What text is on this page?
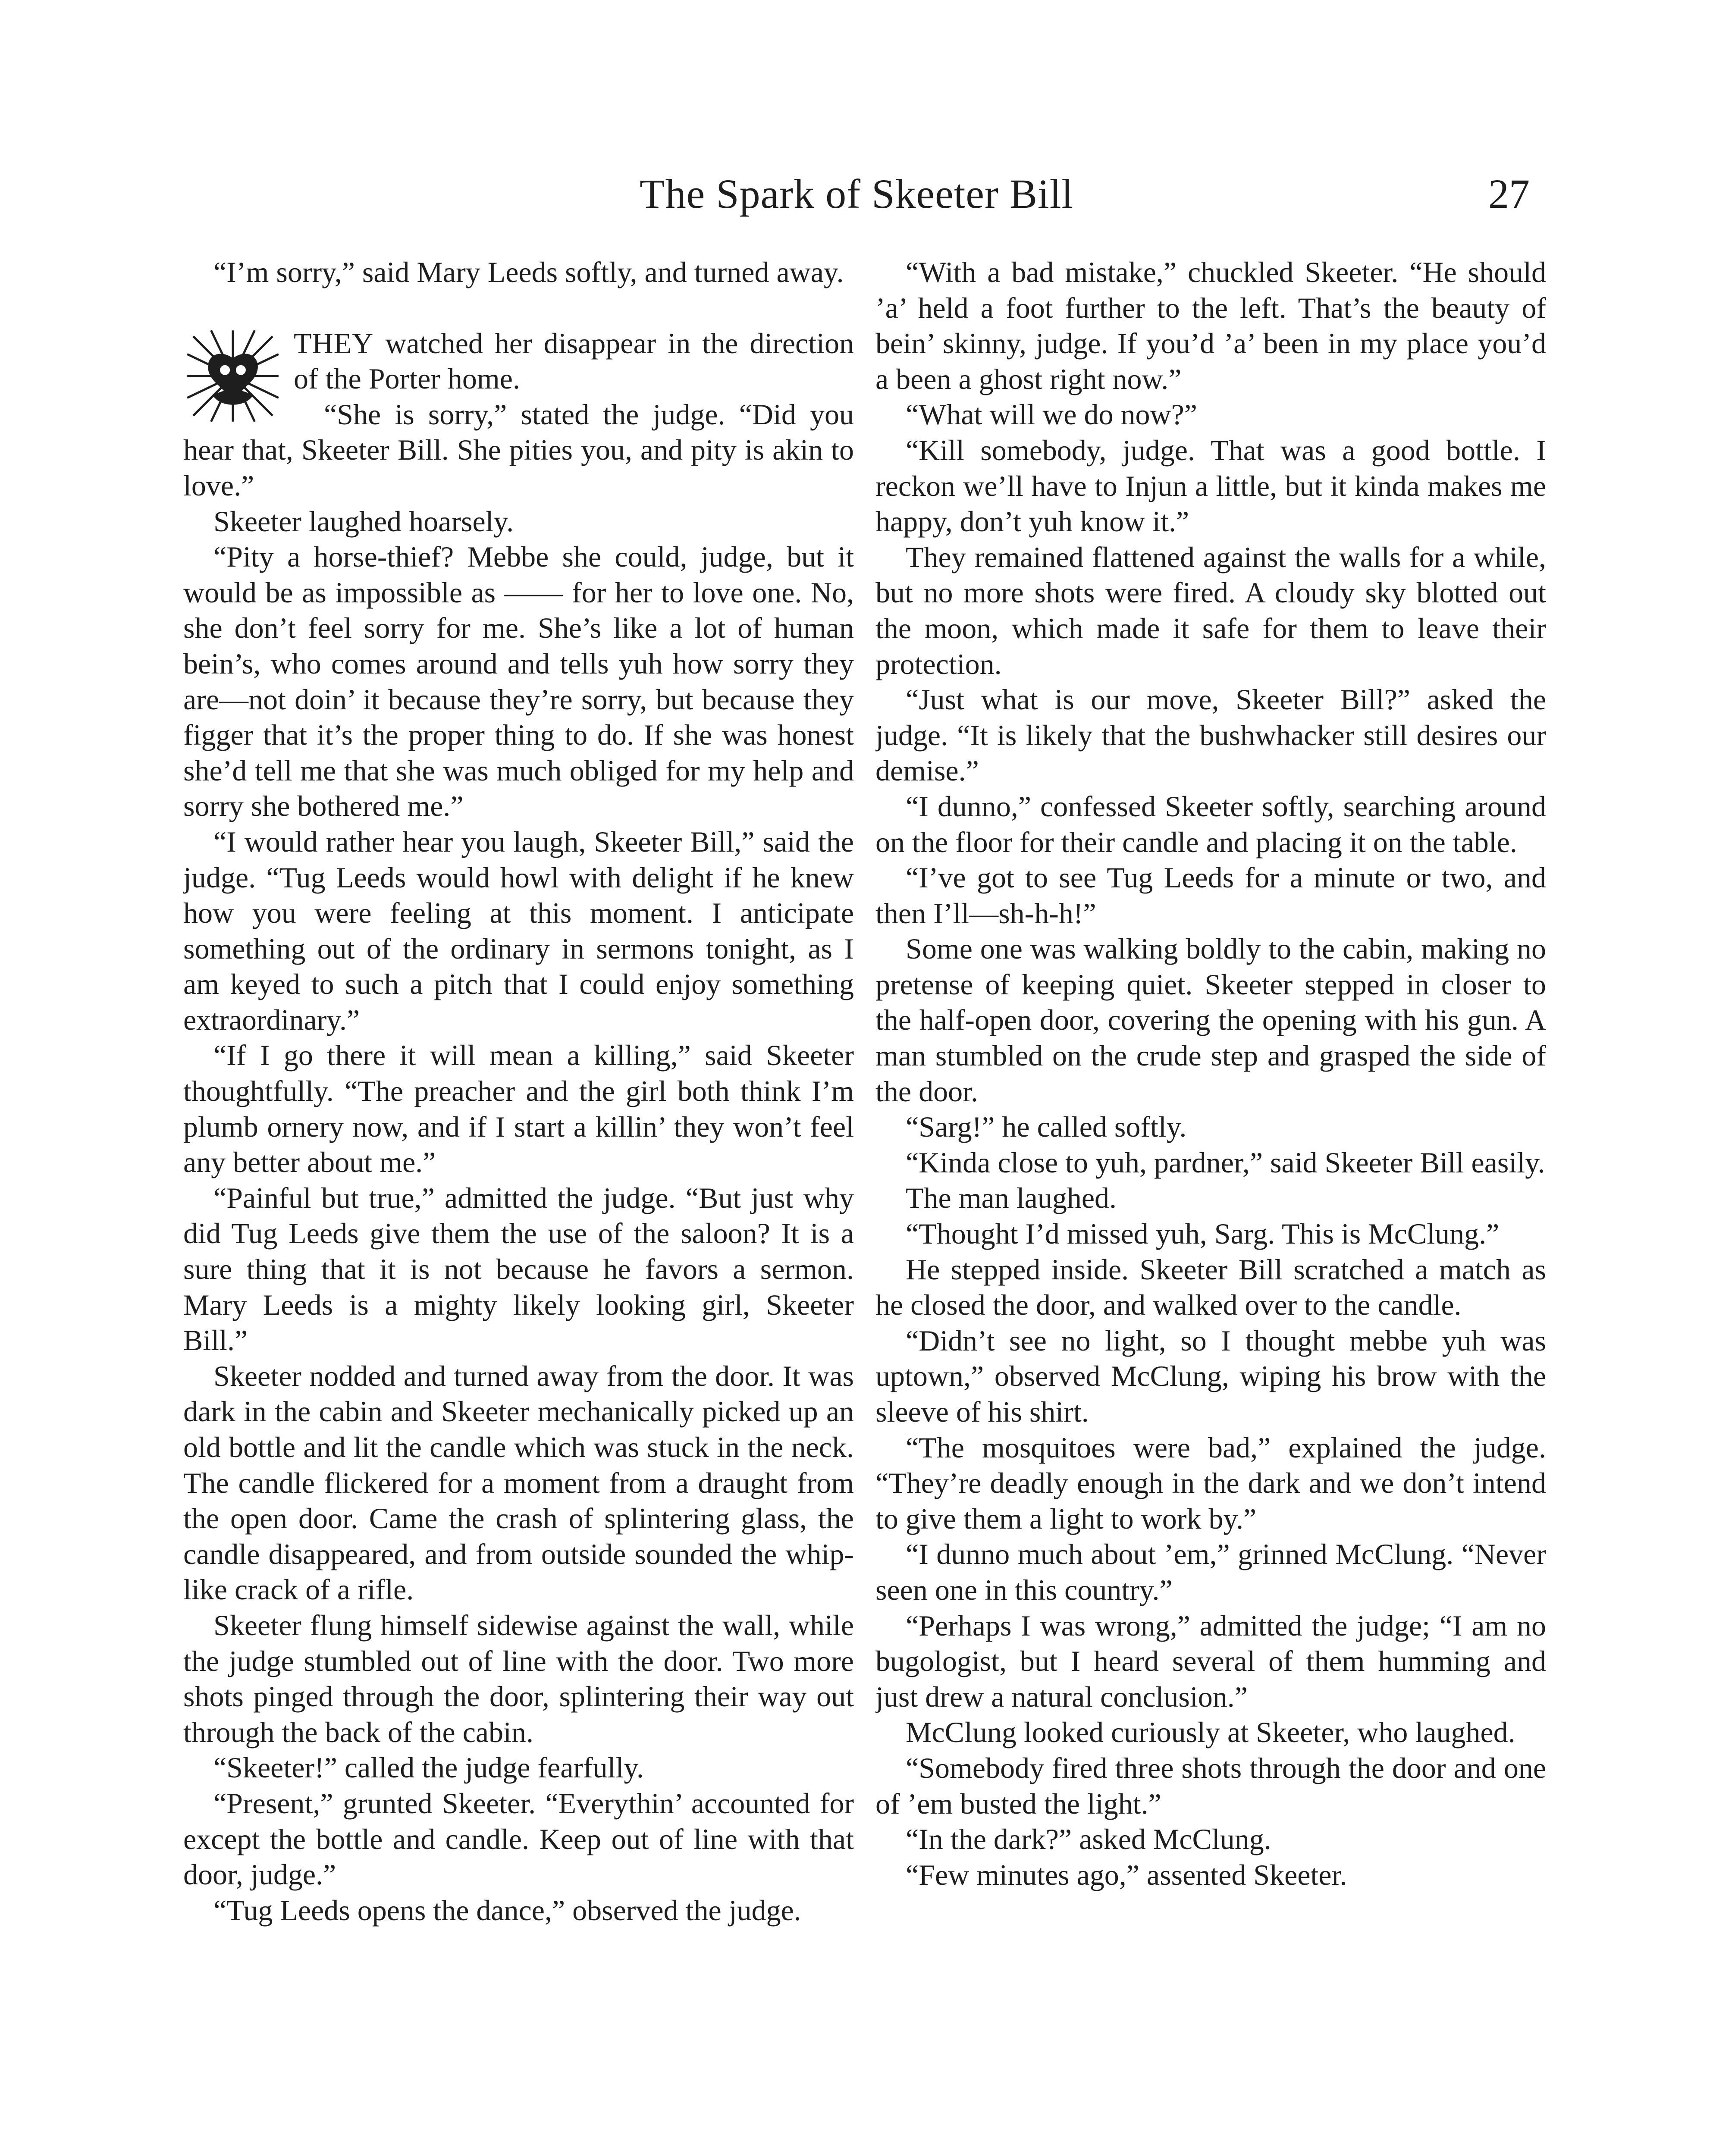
The Spark of Skeeter Bill	27

“I’m sorry,” said Mary Leeds softly, and turned away.

THEY watched her disappear in the direction of the Porter home.

“She is sorry,” stated the judge. “Did you hear that, Skeeter Bill. She pities you, and pity is akin to love.”

Skeeter laughed hoarsely.

“Pity a horse-thief? Mebbe she could, judge, but it would be as impossible as —— for her to love one. No, she don’t feel sorry for me. She’s like a lot of human bein’s, who comes around and tells yuh how sorry they are—not doin’ it because they’re sorry, but because they figger that it’s the proper thing to do. If she was honest she’d tell me that she was much obliged for my help and sorry she bothered me.”

“I would rather hear you laugh, Skeeter Bill,” said the judge. “Tug Leeds would howl with delight if he knew how you were feeling at this moment. I anticipate something out of the ordinary in sermons tonight, as I am keyed to such a pitch that I could enjoy something extraordinary.”

“If I go there it will mean a killing,” said Skeeter thoughtfully. “The preacher and the girl both think I’m plumb ornery now, and if I start a killin’ they won’t feel any better about me.”

“Painful but true,” admitted the judge. “But just why did Tug Leeds give them the use of the saloon? It is a sure thing that it is not because he favors a sermon. Mary Leeds is a mighty likely looking girl, Skeeter Bill.”

Skeeter nodded and turned away from the door. It was dark in the cabin and Skeeter mechanically picked up an old bottle and lit the candle which was stuck in the neck. The candle flickered for a moment from a draught from the open door. Came the crash of splintering glass, the candle disappeared, and from outside sounded the whip-like crack of a rifle.

Skeeter flung himself sidewise against the wall, while the judge stumbled out of line with the door. Two more shots pinged through the door, splintering their way out through the back of the cabin.

“Skeeter!” called the judge fearfully.

“Present,” grunted Skeeter. “Everythin’ accounted for except the bottle and candle. Keep out of line with that door, judge.”

“Tug Leeds opens the dance,” observed the judge.

“With a bad mistake,” chuckled Skeeter. “He should ’a’ held a foot further to the left. That’s the beauty of bein’ skinny, judge. If you’d ’a’ been in my place you’d a been a ghost right now.”

“What will we do now?”

“Kill somebody, judge. That was a good bottle. I reckon we’ll have to Injun a little, but it kinda makes me happy, don’t yuh know it.”

They remained flattened against the walls for a while, but no more shots were fired. A cloudy sky blotted out the moon, which made it safe for them to leave their protection.

“Just what is our move, Skeeter Bill?” asked the judge. “It is likely that the bushwhacker still desires our demise.”

“I dunno,” confessed Skeeter softly, searching around on the floor for their candle and placing it on the table.

“I’ve got to see Tug Leeds for a minute or two, and then I’ll—sh-h-h!”

Some one was walking boldly to the cabin, making no pretense of keeping quiet. Skeeter stepped in closer to the half-open door, covering the opening with his gun. A man stumbled on the crude step and grasped the side of the door.

“Sarg!” he called softly.

“Kinda close to yuh, pardner,” said Skeeter Bill easily.

The man laughed.

“Thought I’d missed yuh, Sarg. This is McClung.”

He stepped inside. Skeeter Bill scratched a match as he closed the door, and walked over to the candle.

“Didn’t see no light, so I thought mebbe yuh was uptown,” observed McClung, wiping his brow with the sleeve of his shirt.

“The mosquitoes were bad,” explained the judge. “They’re deadly enough in the dark and we don’t intend to give them a light to work by.”

“I dunno much about ’em,” grinned McClung. “Never seen one in this country.”

“Perhaps I was wrong,” admitted the judge; “I am no bugologist, but I heard several of them humming and just drew a natural conclusion.”

McClung looked curiously at Skeeter, who laughed.

“Somebody fired three shots through the door and one of ’em busted the light.”

“In the dark?” asked McClung.

“Few minutes ago,” assented Skeeter.
